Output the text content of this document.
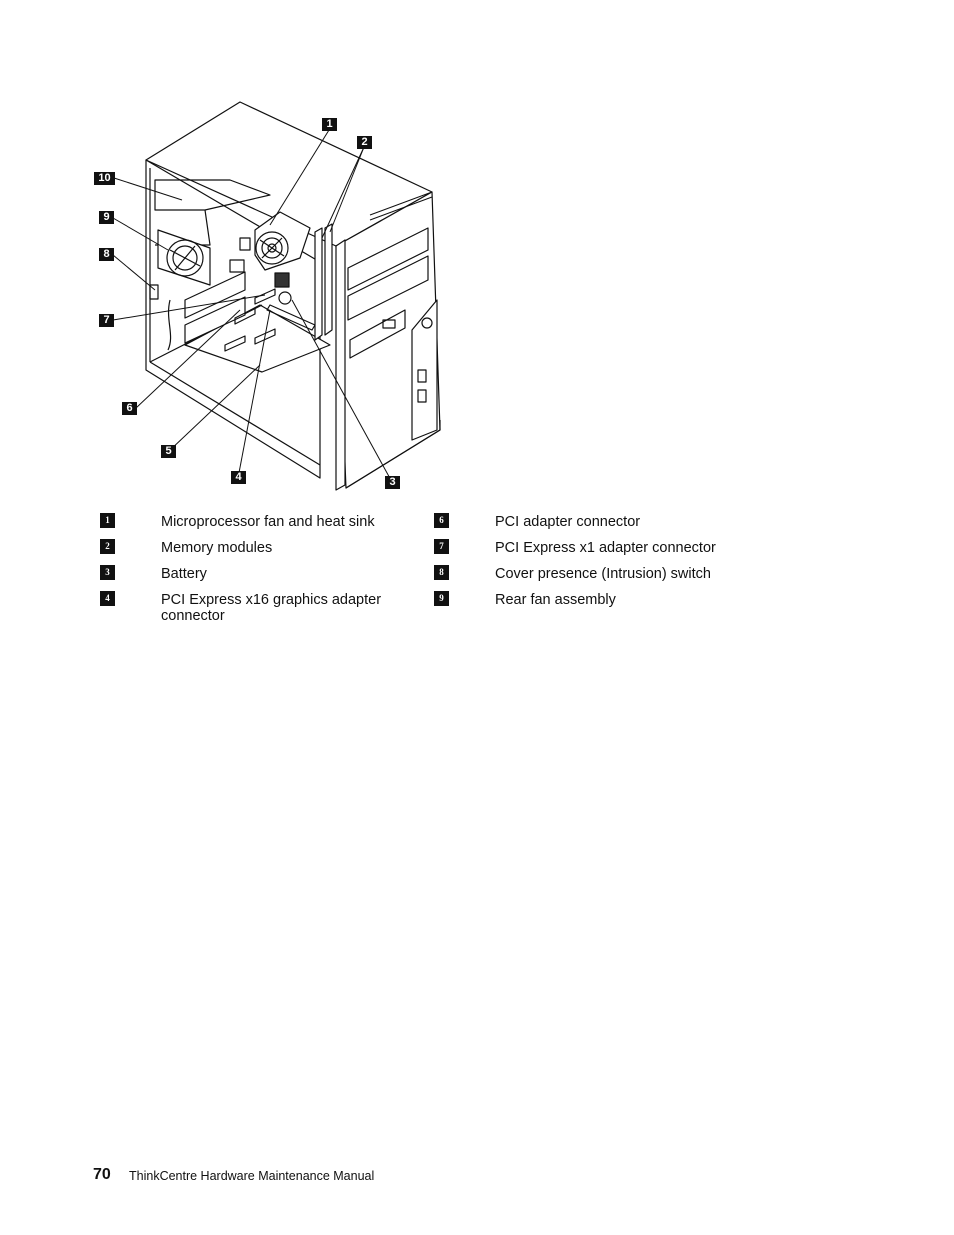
1
2
3
4
5
6
7
8
9
10
1	Microprocessor fan and heat sink
2	Memory modules
3	Battery
4	PCI Express x16 graphics adapter connector
6	PCI adapter connector
7	PCI Express x1 adapter connector
8	Cover presence (Intrusion) switch
9	Rear fan assembly
70 ThinkCentre Hardware Maintenance Manual
